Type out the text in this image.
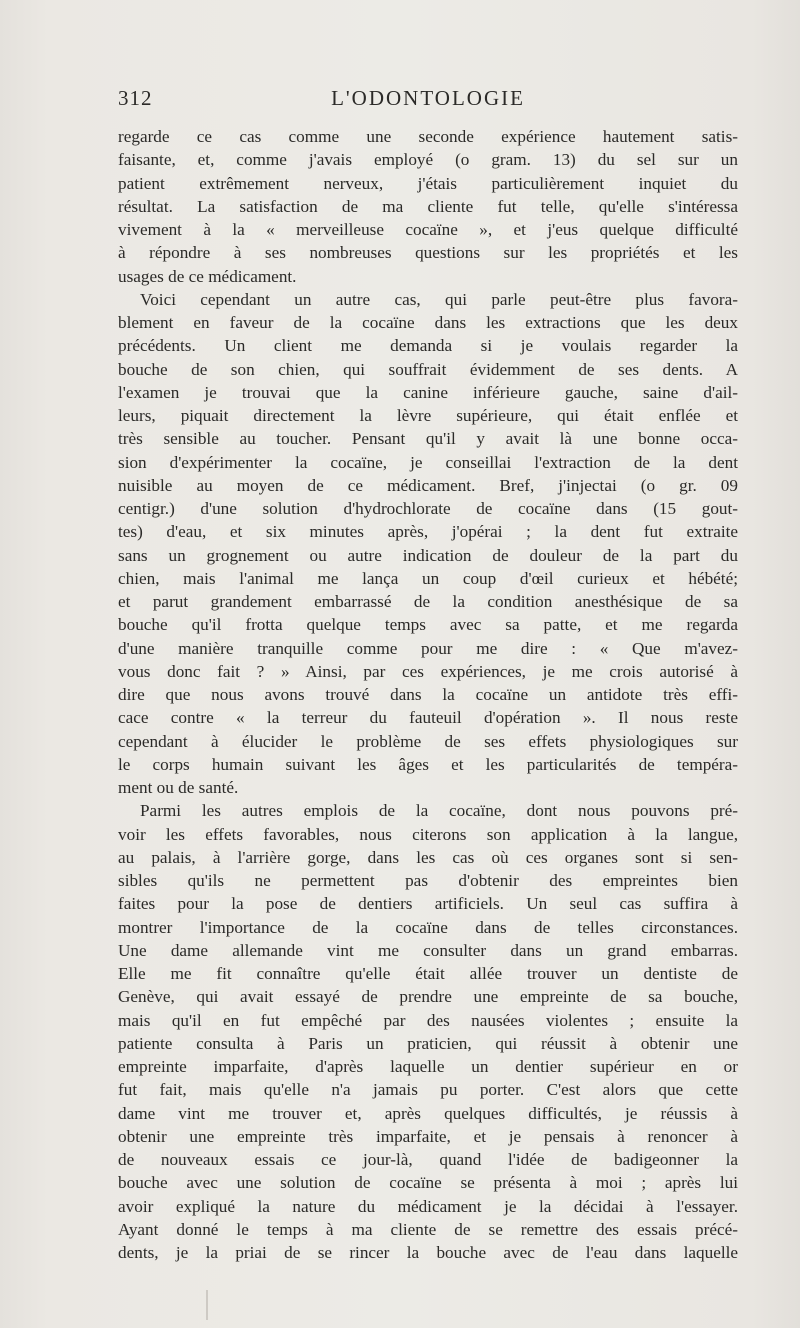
312	L'ODONTOLOGIE

regarde ce cas comme une seconde expérience hautement satis-
faisante, et, comme j'avais employé (o gram. 13) du sel sur un
patient extrêmement nerveux, j'étais particulièrement inquiet du
résultat. La satisfaction de ma cliente fut telle, qu'elle s'intéressa
vivement à la « merveilleuse cocaïne », et j'eus quelque difficulté
à répondre à ses nombreuses questions sur les propriétés et les
usages de ce médicament.

Voici cependant un autre cas, qui parle peut-être plus favora-
blement en faveur de la cocaïne dans les extractions que les deux
précédents. Un client me demanda si je voulais regarder la
bouche de son chien, qui souffrait évidemment de ses dents. A
l'examen je trouvai que la canine inférieure gauche, saine d'ail-
leurs, piquait directement la lèvre supérieure, qui était enflée et
très sensible au toucher. Pensant qu'il y avait là une bonne occa-
sion d'expérimenter la cocaïne, je conseillai l'extraction de la dent
nuisible au moyen de ce médicament. Bref, j'injectai (o gr. 09
centigr.) d'une solution d'hydrochlorate de cocaïne dans (15 gout-
tes) d'eau, et six minutes après, j'opérai ; la dent fut extraite
sans un grognement ou autre indication de douleur de la part du
chien, mais l'animal me lança un coup d'œil curieux et hébété;
et parut grandement embarrassé de la condition anesthésique de sa
bouche qu'il frotta quelque temps avec sa patte, et me regarda
d'une manière tranquille comme pour me dire : « Que m'avez-
vous donc fait ? » Ainsi, par ces expériences, je me crois autorisé à
dire que nous avons trouvé dans la cocaïne un antidote très effi-
cace contre « la terreur du fauteuil d'opération ». Il nous reste
cependant à élucider le problème de ses effets physiologiques sur
le corps humain suivant les âges et les particularités de tempéra-
ment ou de santé.

Parmi les autres emplois de la cocaïne, dont nous pouvons pré-
voir les effets favorables, nous citerons son application à la langue,
au palais, à l'arrière gorge, dans les cas où ces organes sont si sen-
sibles qu'ils ne permettent pas d'obtenir des empreintes bien
faites pour la pose de dentiers artificiels. Un seul cas suffira à
montrer l'importance de la cocaïne dans de telles circonstances.
Une dame allemande vint me consulter dans un grand embarras.
Elle me fit connaître qu'elle était allée trouver un dentiste de
Genève, qui avait essayé de prendre une empreinte de sa bouche,
mais qu'il en fut empêché par des nausées violentes ; ensuite la
patiente consulta à Paris un praticien, qui réussit à obtenir une
empreinte imparfaite, d'après laquelle un dentier supérieur en or
fut fait, mais qu'elle n'a jamais pu porter. C'est alors que cette
dame vint me trouver et, après quelques difficultés, je réussis à
obtenir une empreinte très imparfaite, et je pensais à renoncer à
de nouveaux essais ce jour-là, quand l'idée de badigeonner la
bouche avec une solution de cocaïne se présenta à moi ; après lui
avoir expliqué la nature du médicament je la décidai à l'essayer.
Ayant donné le temps à ma cliente de se remettre des essais précé-
dents, je la priai de se rincer la bouche avec de l'eau dans laquelle
